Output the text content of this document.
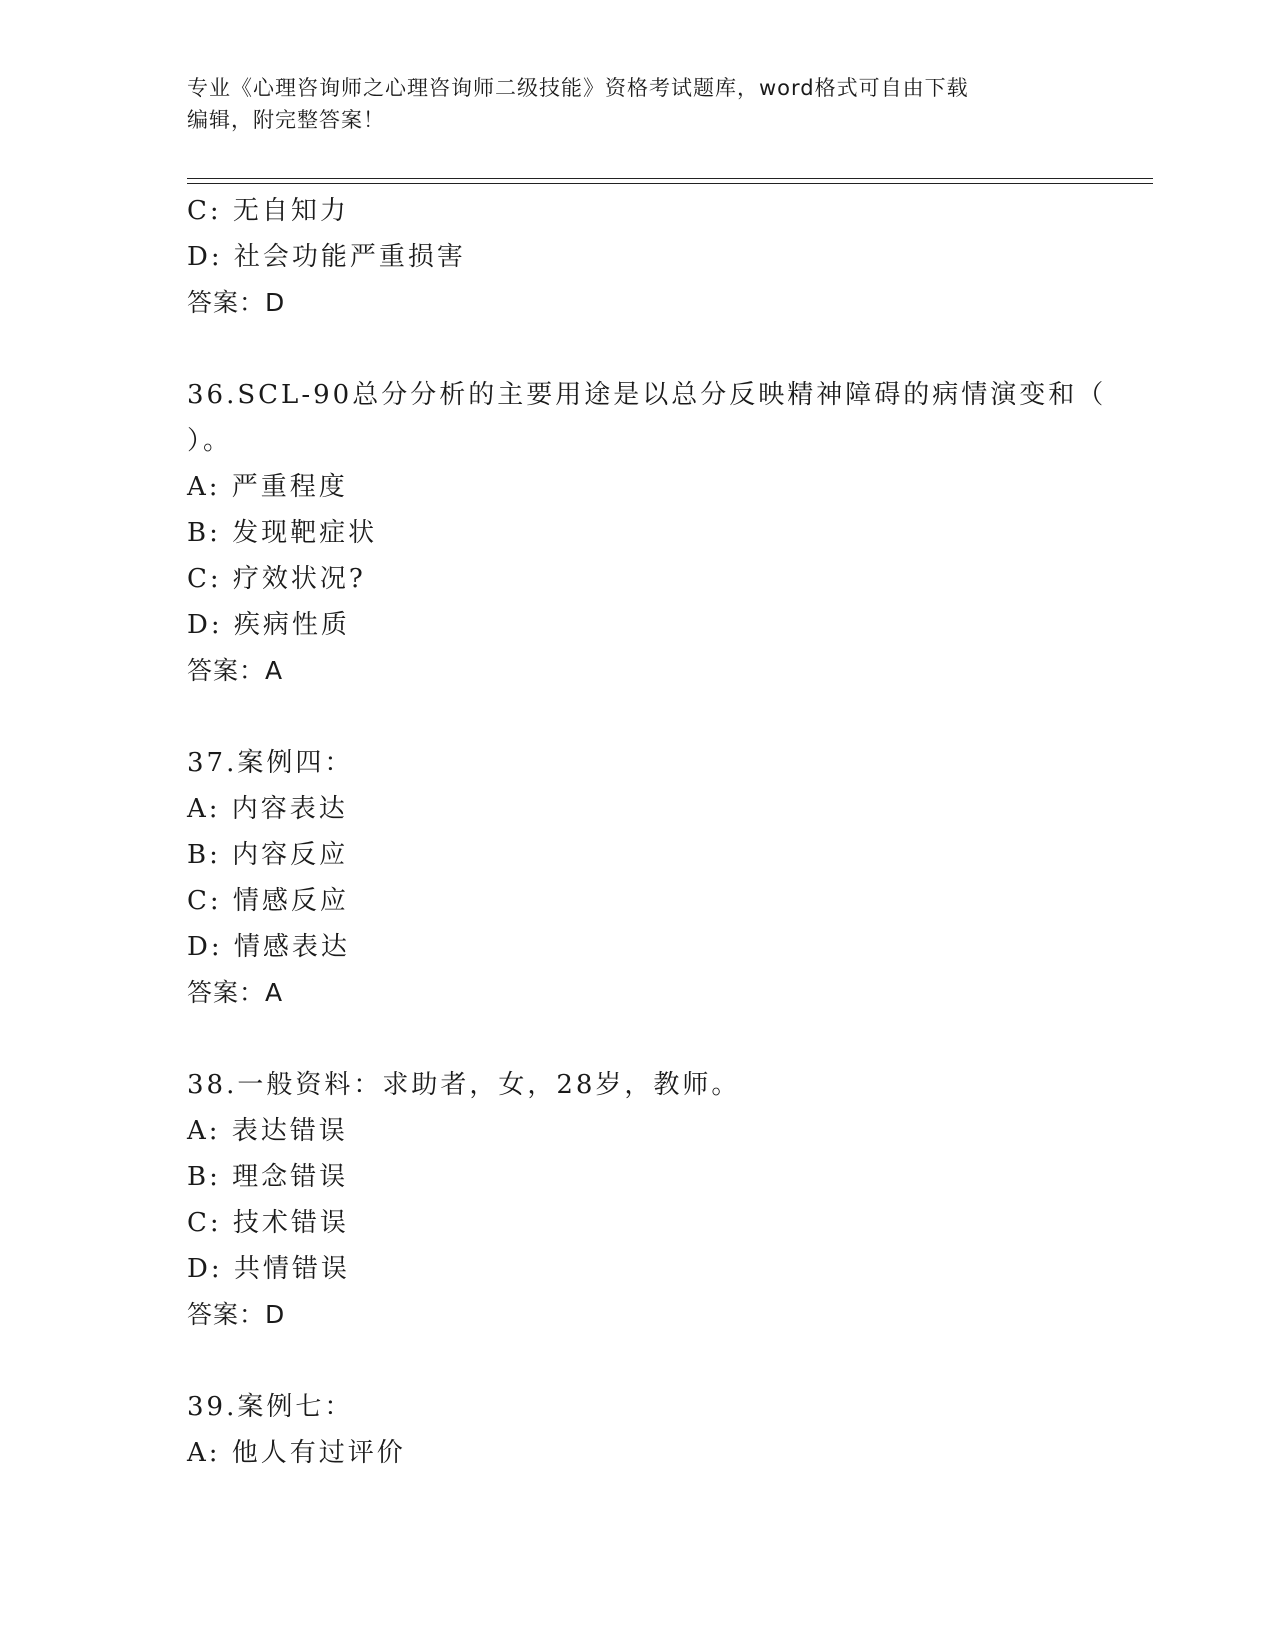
专业《心理咨询师之心理咨询师二级技能》资格考试题库，word格式可自由下载
编辑，附完整答案！
C: 无自知力
D: 社会功能严重损害
答案：D
36.SCL-90总分分析的主要用途是以总分反映精神障碍的病情演变和（
）。
A: 严重程度
B: 发现靶症状
C: 疗效状况?
D: 疾病性质
答案：A
37.案例四：
A: 内容表达
B: 内容反应
C: 情感反应
D: 情感表达
答案：A
38.一般资料：求助者，女，28岁，教师。
A: 表达错误
B: 理念错误
C: 技术错误
D: 共情错误
答案：D
39.案例七：
A: 他人有过评价
